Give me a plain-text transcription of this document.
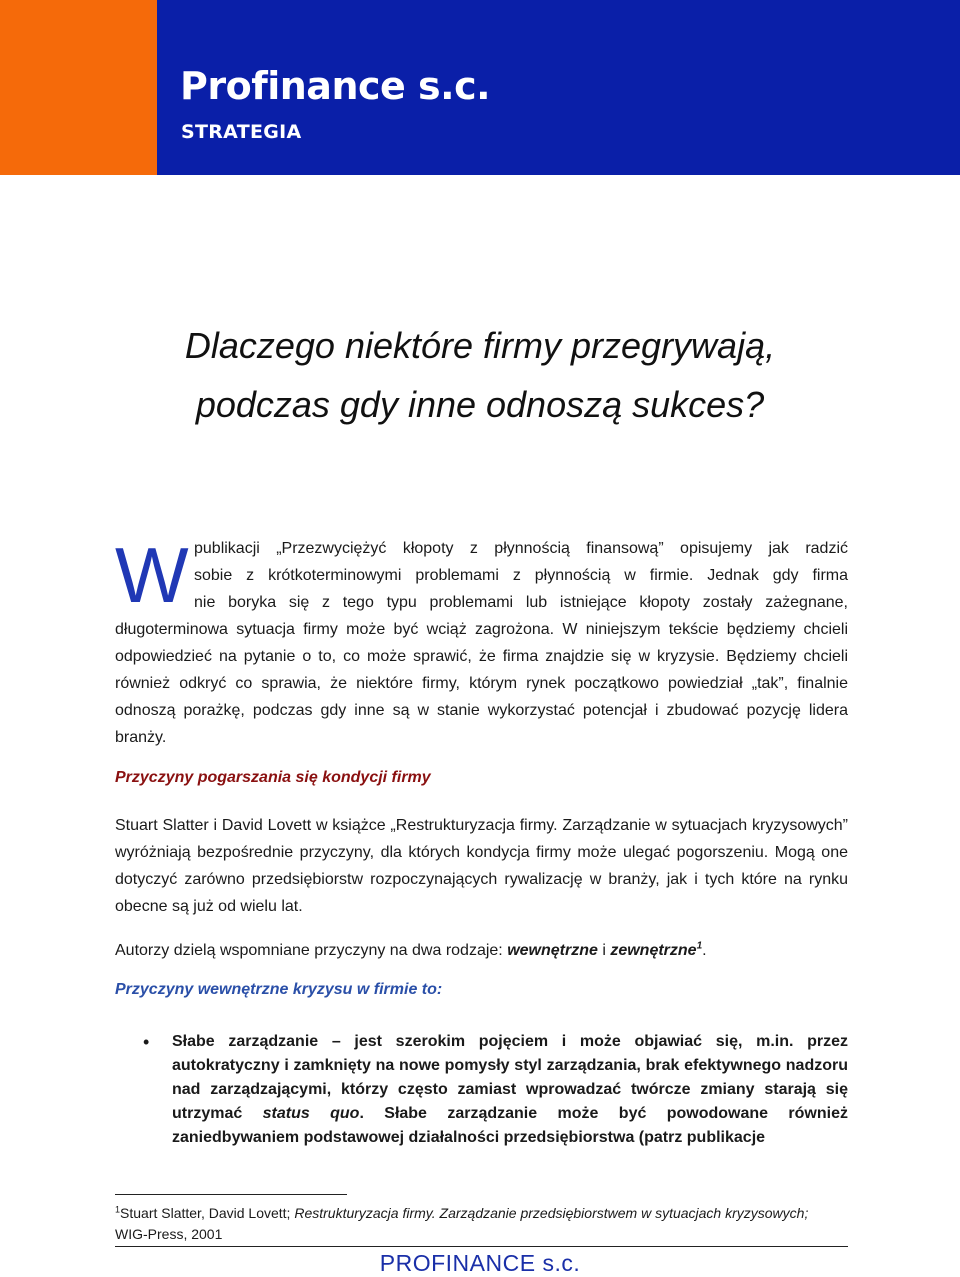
Profinance s.c.
STRATEGIA
Dlaczego niektóre firmy przegrywają,
podczas gdy inne odnoszą sukces?
W publikacji „Przezwyciężyć kłopoty z płynnością finansową” opisujemy jak radzić
sobie z krótkoterminowymi problemami z płynnością w firmie. Jednak gdy firma
nie boryka się z tego typu problemami lub istniejące kłopoty zostały zażegnane,

długoterminowa sytuacja firmy może być wciąż zagrożona. W niniejszym tekście będziemy chcieli odpowiedzieć na pytanie o to, co może sprawić, że firma znajdzie się w kryzysie. Będziemy chcieli również odkryć co sprawia, że niektóre firmy, którym rynek początkowo powiedział „tak”, finalnie odnoszą porażkę, podczas gdy inne są w stanie wykorzystać potencjał i zbudować pozycję lidera branży.

Przyczyny pogarszania się kondycji firmy

Stuart Slatter i David Lovett w książce „Restrukturyzacja firmy. Zarządzanie w sytuacjach kryzysowych” wyróżniają bezpośrednie przyczyny, dla których kondycja firmy może ulegać pogorszeniu. Mogą one dotyczyć zarówno przedsiębiorstw rozpoczynających rywalizację w branży, jak i tych które na rynku obecne są już od wielu lat.

Autorzy dzielą wspomniane przyczyny na dwa rodzaje: wewnętrzne i zewnętrzne$^1$.

Przyczyny wewnętrzne kryzysu w firmie to:
• Słabe zarządzanie – jest szerokim pojęciem i może objawiać się, m.in. przez autokratyczny i zamknięty na nowe pomysły styl zarządzania, brak efektywnego nadzoru nad zarządzającymi, którzy często zamiast wprowadzać twórcze zmiany starają się utrzymać status quo. Słabe zarządzanie może być powodowane również zaniedbywaniem podstawowej działalności przedsiębiorstwa (patrz publikacje

$^1$Stuart Slatter, David Lovett; Restrukturyzacja firmy. Zarządzanie przedsiębiorstwem w sytuacjach kryzysowych;
WIG-Press, 2001
PROFINANCE s.c.
